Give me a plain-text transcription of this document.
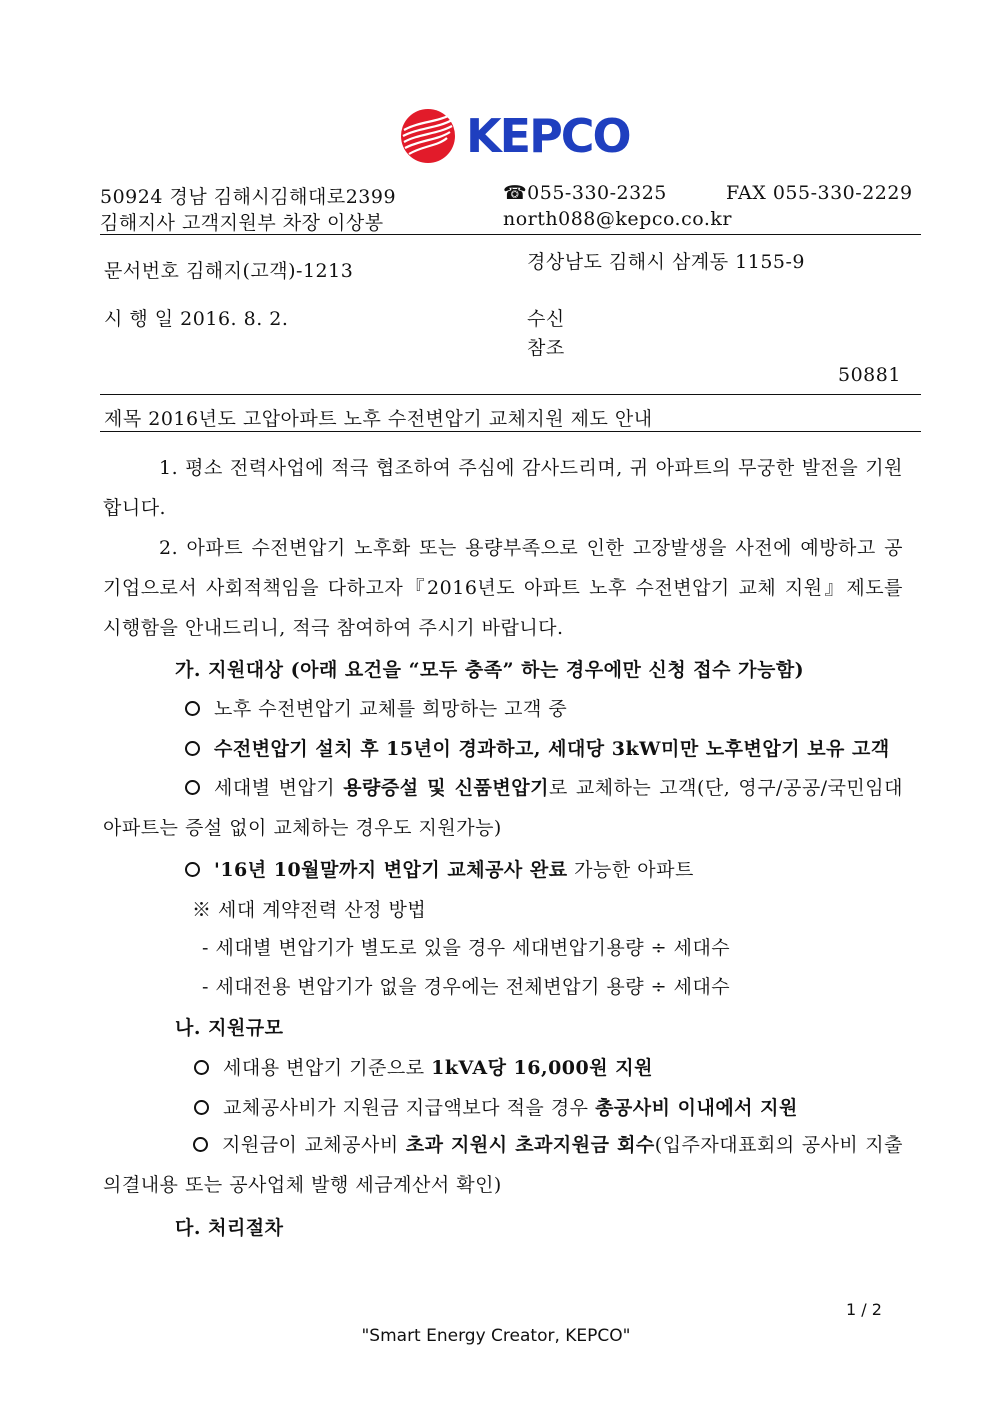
KEPCO
50924 경남 김해시김해대로2399	☎055-330-2325	FAX 055-330-2229
김해지사 고객지원부 차장 이상봉	north088@kepco.co.kr
문서번호 김해지(고객)-1213	경상남도 김해시 삼계동 1155-9
시 행 일 2016. 8. 2.	수신
참조
50881
제목 2016년도 고압아파트 노후 수전변압기 교체지원 제도 안내
1. 평소 전력사업에 적극 협조하여 주심에 감사드리며, 귀 아파트의 무궁한 발전을 기원합니다.
2. 아파트 수전변압기 노후화 또는 용량부족으로 인한 고장발생을 사전에 예방하고 공기업으로서 사회적책임을 다하고자『2016년도 아파트 노후 수전변압기 교체 지원』제도를 시행함을 안내드리니, 적극 참여하여 주시기 바랍니다.
가. 지원대상 (아래 요건을 “모두 충족” 하는 경우에만 신청 접수 가능함)
노후 수전변압기 교체를 희망하는 고객 중
수전변압기 설치 후 15년이 경과하고, 세대당 3kW미만 노후변압기 보유 고객
세대별 변압기 용량증설 및 신품변압기로 교체하는 고객(단, 영구/공공/국민임대아파트는 증설 없이 교체하는 경우도 지원가능)
'16년 10월말까지 변압기 교체공사 완료 가능한 아파트
※ 세대 계약전력 산정 방법
- 세대별 변압기가 별도로 있을 경우 세대변압기용량 ÷ 세대수
- 세대전용 변압기가 없을 경우에는 전체변압기 용량 ÷ 세대수
나. 지원규모
세대용 변압기 기준으로 1kVA당 16,000원 지원
교체공사비가 지원금 지급액보다 적을 경우 총공사비 이내에서 지원
지원금이 교체공사비 초과 지원시 초과지원금 회수(입주자대표회의 공사비 지출 의결내용 또는 공사업체 발행 세금계산서 확인)
다. 처리절차
1 / 2
"Smart Energy Creator, KEPCO"
